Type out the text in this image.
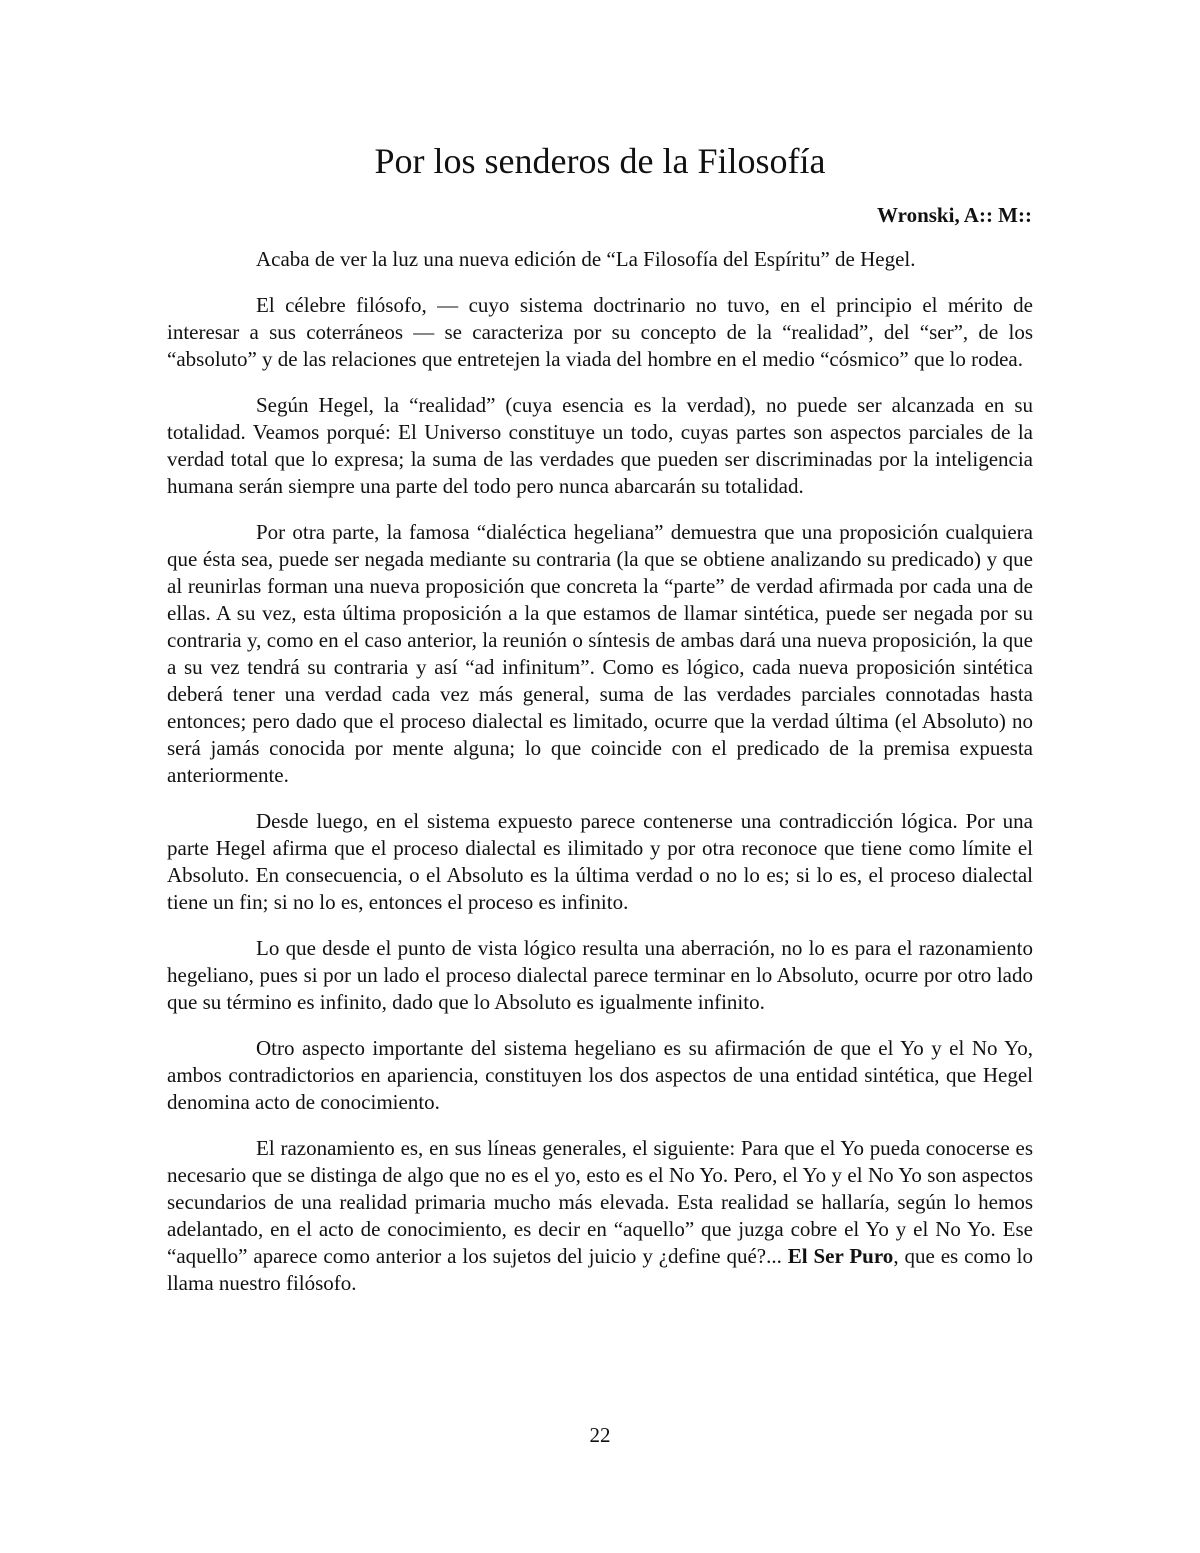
Por los senderos de la Filosofía

Wronski, A:: M::

Acaba de ver la luz una nueva edición de “La Filosofía del Espíritu” de Hegel.

El célebre filósofo, — cuyo sistema doctrinario no tuvo, en el principio el mérito de interesar a sus coterráneos — se caracteriza por su concepto de la “realidad”, del “ser”, de los “absoluto” y de las relaciones que entretejen la viada del hombre en el medio “cósmico” que lo rodea.

Según Hegel, la “realidad” (cuya esencia es la verdad), no puede ser alcanzada en su totalidad. Veamos porqué: El Universo constituye un todo, cuyas partes son aspectos parciales de la verdad total que lo expresa; la suma de las verdades que pueden ser discriminadas por la inteligencia humana serán siempre una parte del todo pero nunca abarcarán su totalidad.

Por otra parte, la famosa “dialéctica hegeliana” demuestra que una proposición cualquiera que ésta sea, puede ser negada mediante su contraria (la que se obtiene analizando su predicado) y que al reunirlas forman una nueva proposición que concreta la “parte” de verdad afirmada por cada una de ellas. A su vez, esta última proposición a la que estamos de llamar sintética, puede ser negada por su contraria y, como en el caso anterior, la reunión o síntesis de ambas dará una nueva proposición, la que a su vez tendrá su contraria y así “ad infinitum”. Como es lógico, cada nueva proposición sintética deberá tener una verdad cada vez más general, suma de las verdades parciales connotadas hasta entonces; pero dado que el proceso dialectal es limitado, ocurre que la verdad última (el Absoluto) no será jamás conocida por mente alguna; lo que coincide con el predicado de la premisa expuesta anteriormente.

Desde luego, en el sistema expuesto parece contenerse una contradicción lógica. Por una parte Hegel afirma que el proceso dialectal es ilimitado y por otra reconoce que tiene como límite el Absoluto. En consecuencia, o el Absoluto es la última verdad o no lo es; si lo es, el proceso dialectal tiene un fin; si no lo es, entonces el proceso es infinito.

Lo que desde el punto de vista lógico resulta una aberración, no lo es para el razonamiento hegeliano, pues si por un lado el proceso dialectal parece terminar en lo Absoluto, ocurre por otro lado que su término es infinito, dado que lo Absoluto es igualmente infinito.

Otro aspecto importante del sistema hegeliano es su afirmación de que el Yo y el No Yo, ambos contradictorios en apariencia, constituyen los dos aspectos de una entidad sintética, que Hegel denomina acto de conocimiento.

El razonamiento es, en sus líneas generales, el siguiente: Para que el Yo pueda conocerse es necesario que se distinga de algo que no es el yo, esto es el No Yo. Pero, el Yo y el No Yo son aspectos secundarios de una realidad primaria mucho más elevada. Esta realidad se hallaría, según lo hemos adelantado, en el acto de conocimiento, es decir en “aquello” que juzga cobre el Yo y el No Yo. Ese “aquello” aparece como anterior a los sujetos del juicio y ¿define qué?... El Ser Puro, que es como lo llama nuestro filósofo.

22
